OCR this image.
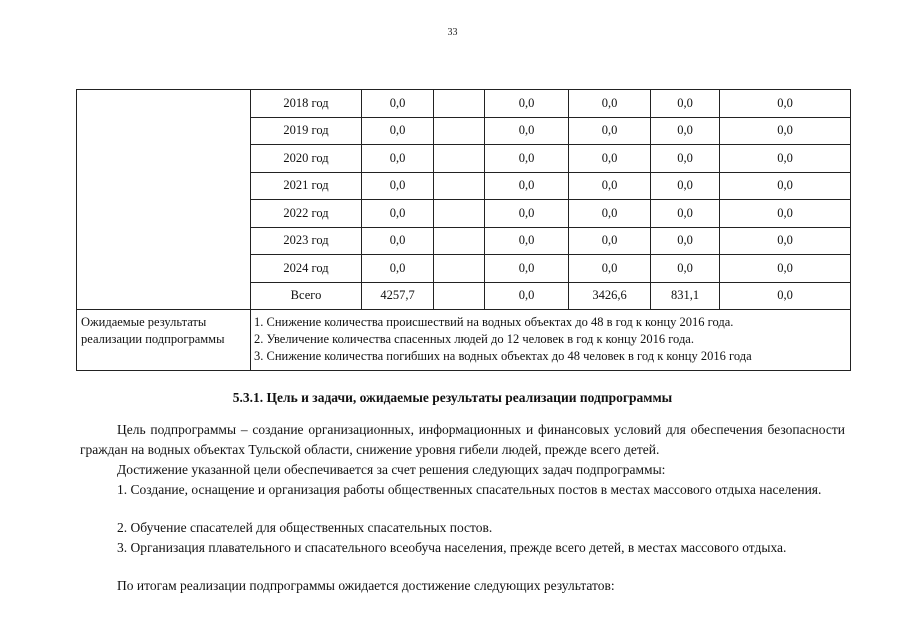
33
	2018 год	0,0		0,0	0,0	0,0	0,0
	2019 год	0,0		0,0	0,0	0,0	0,0
	2020 год	0,0		0,0	0,0	0,0	0,0
	2021 год	0,0		0,0	0,0	0,0	0,0
	2022 год	0,0		0,0	0,0	0,0	0,0
	2023 год	0,0		0,0	0,0	0,0	0,0
	2024 год	0,0		0,0	0,0	0,0	0,0
	Всего	4257,7		0,0	3426,6	831,1	0,0
Ожидаемые результаты реализации подпрограммы	1. Снижение количества происшествий на водных объектах до 48 в год к концу 2016 года.
2. Увеличение количества спасенных людей до 12 человек в год к концу 2016 года.
3. Снижение количества погибших на водных объектах до 48 человек в год к концу 2016 года						
5.3.1. Цель и задачи, ожидаемые результаты реализации подпрограммы

Цель подпрограммы – создание организационных, информационных и финансовых условий для обеспечения безопасности граждан на водных объектах Тульской области, снижение уровня гибели людей, прежде всего детей.

Достижение указанной цели обеспечивается за счет решения следующих задач подпрограммы:

1. Создание, оснащение и организация работы общественных спасательных постов в местах массового отдыха населения.

2. Обучение спасателей для общественных спасательных постов.

3. Организация плавательного и спасательного всеобуча населения, прежде всего детей, в местах массового отдыха.

По итогам реализации подпрограммы ожидается достижение следующих результатов:
